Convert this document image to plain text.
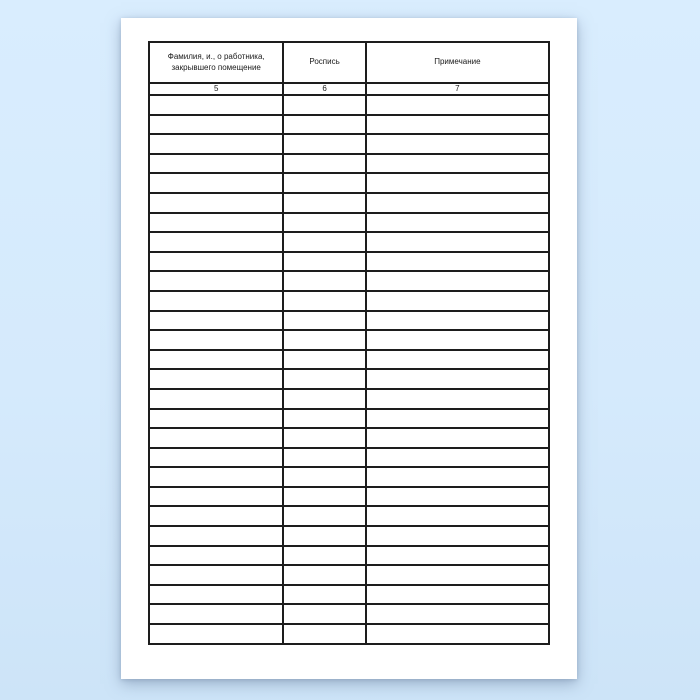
Фамилия, и., о работника, закрывшего помещение	Роспись	Примечание
5	6	7
